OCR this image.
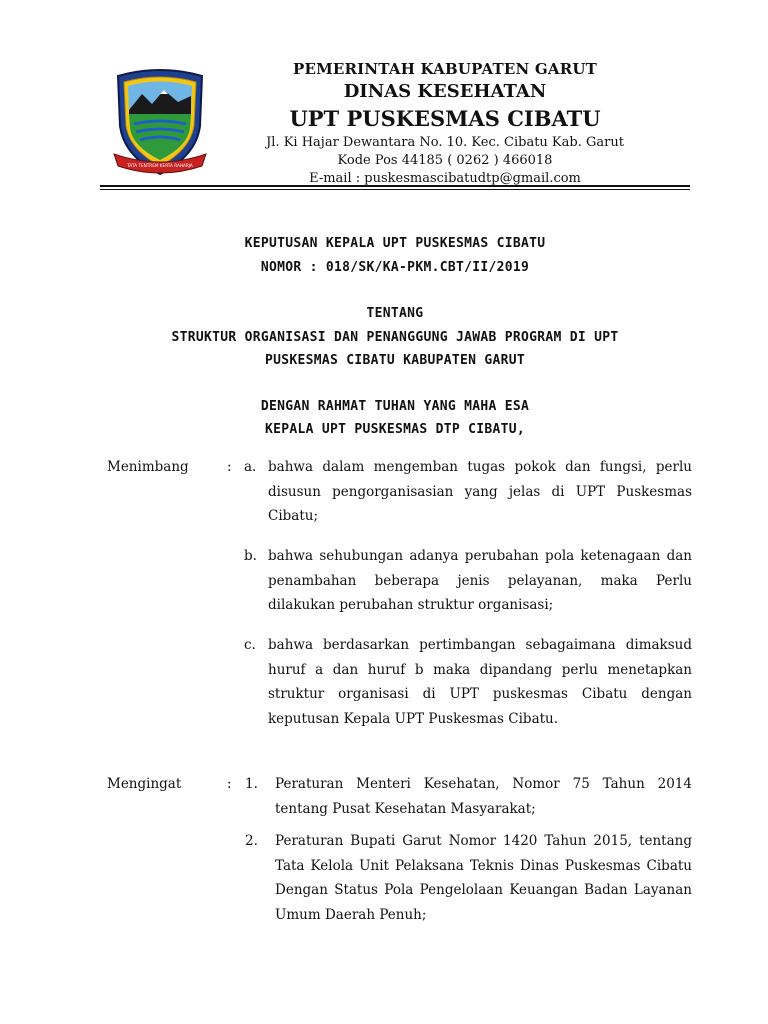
TATA TENTREM KERTA RAHARJA
PEMERINTAH KABUPATEN GARUT
DINAS KESEHATAN
UPT PUSKESMAS CIBATU
Jl. Ki Hajar Dewantara No. 10. Kec. Cibatu Kab. Garut
Kode Pos 44185 ( 0262 ) 466018
E-mail : puskesmascibatudtp@gmail.com
KEPUTUSAN KEPALA UPT PUSKESMAS CIBATU
NOMOR : 018/SK/KA-PKM.CBT/II/2019
TENTANG
STRUKTUR ORGANISASI DAN PENANGGUNG JAWAB PROGRAM DI UPT
PUSKESMAS CIBATU KABUPATEN GARUT
DENGAN RAHMAT TUHAN YANG MAHA ESA
KEPALA UPT PUSKESMAS DTP CIBATU,
Menimbang	: a. bahwa dalam mengemban tugas pokok dan fungsi, perlu disusun pengorganisasian yang jelas di UPT Puskesmas Cibatu;
b. bahwa sehubungan adanya perubahan pola ketenagaan dan penambahan beberapa jenis pelayanan, maka Perlu dilakukan perubahan struktur organisasi;
c. bahwa berdasarkan pertimbangan sebagaimana dimaksud huruf a dan huruf b maka dipandang perlu menetapkan struktur organisasi di UPT puskesmas Cibatu dengan keputusan Kepala UPT Puskesmas Cibatu.
Mengingat	: 1. Peraturan Menteri Kesehatan, Nomor 75 Tahun 2014 tentang Pusat Kesehatan Masyarakat;
2. Peraturan Bupati Garut Nomor 1420 Tahun 2015, tentang Tata Kelola Unit Pelaksana Teknis Dinas Puskesmas Cibatu Dengan Status Pola Pengelolaan Keuangan Badan Layanan Umum Daerah Penuh;
